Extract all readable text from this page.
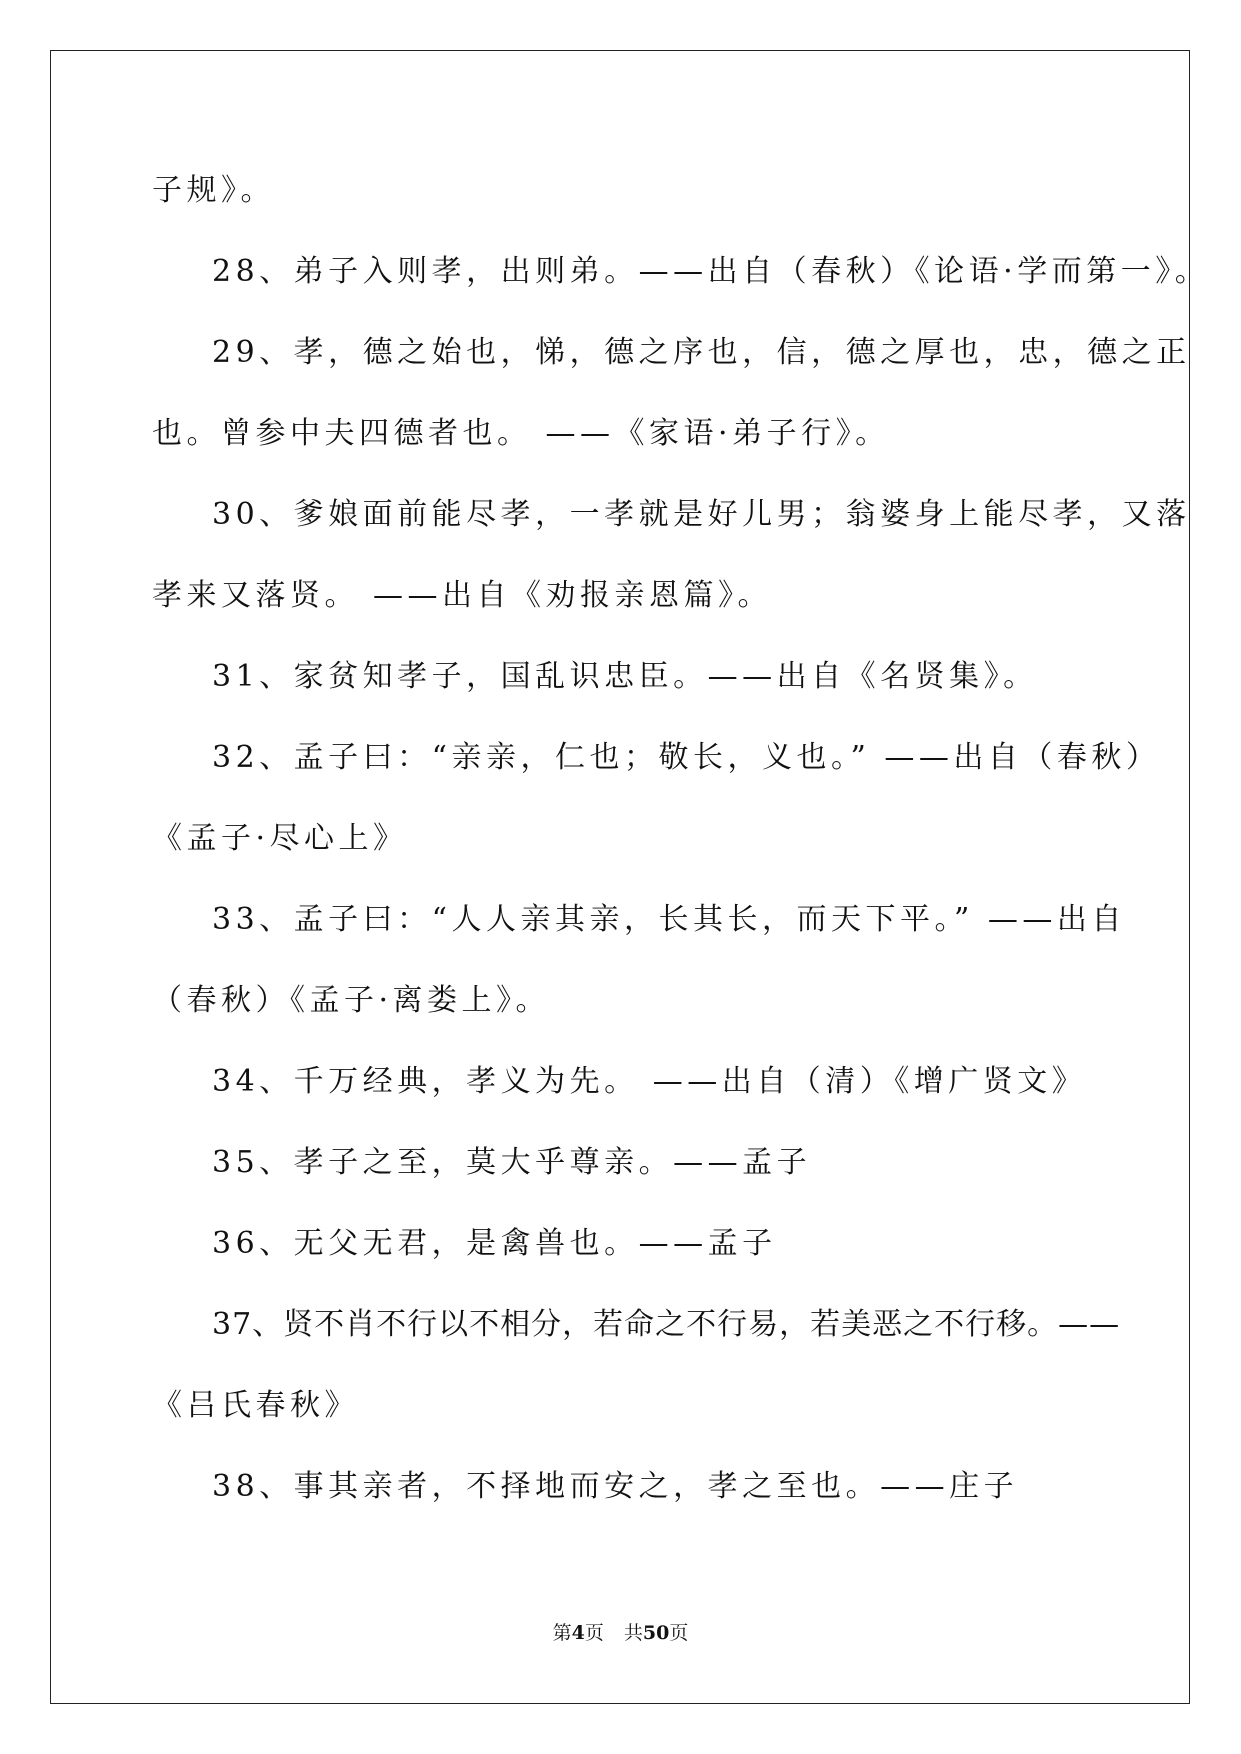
子规》。
28、弟子入则孝，出则弟。——出自（春秋）《论语·学而第一》。
29、孝，德之始也，悌，德之序也，信，德之厚也，忠，德之正
也。曾参中夫四德者也。 ——《家语·弟子行》。
30、爹娘面前能尽孝，一孝就是好儿男；翁婆身上能尽孝，又落
孝来又落贤。 ——出自《劝报亲恩篇》。
31、家贫知孝子，国乱识忠臣。——出自《名贤集》。
32、孟子曰：“亲亲，仁也；敬长，义也。” ——出自（春秋）
《孟子·尽心上》
33、孟子曰：“人人亲其亲，长其长，而天下平。” ——出自
（春秋）《孟子·离娄上》。
34、千万经典，孝义为先。 ——出自（清）《增广贤文》
35、孝子之至，莫大乎尊亲。——孟子
36、无父无君，是禽兽也。——孟子
37、贤不肖不行以不相分，若命之不行易，若美恶之不行移。——
《吕氏春秋》
38、事其亲者，不择地而安之，孝之至也。——庄子
第4页 共50页
